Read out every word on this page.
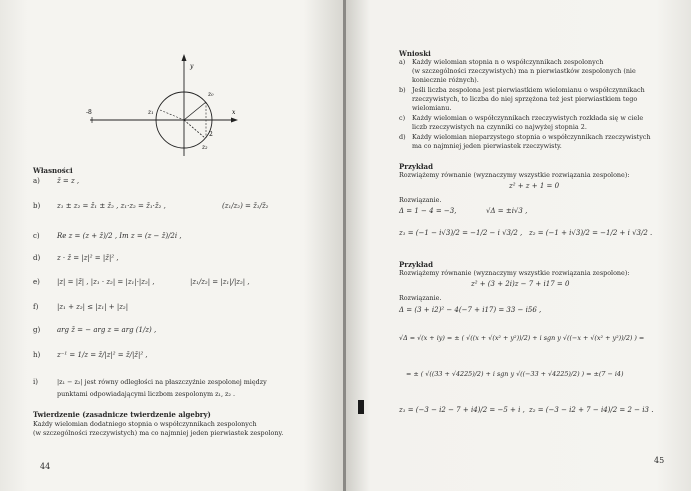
y
x
-8	z₁
z₀
2
z₂
Własności
a) z̄ = z ,
b) z₁ ± z₂ = z̄₁ ± z̄₂ , z₁·z₂ = z̄₁·z̄₂ ,	(z₁/z₂) = z̄₁/z̄₂
c) Re z = (z + z̄)/2 , Im z = (z − z̄)/2i ,
d) z · z̄ = |z|² = |z̄|² ,
e) |z| = |z̄| , |z₁ · z₂| = |z₁|·|z₂| ,	|z₁/z₂| = |z₁|/|z₂| ,
f)	|z₁ + z₂| ≤ |z₁| + |z₂|
g) arg z̄ = − arg z = arg (1/z) ,
h) z⁻¹ = 1/z = z̄/|z|² = z̄/|z̄|² ,
i)	|z₁ − z₂| jest równy odległości na płaszczyźnie zespolonej między
punktami odpowiadającymi liczbom zespolonym z₁, z₂ .
Twierdzenie (zasadnicze twierdzenie algebry)
Każdy wielomian dodatniego stopnia o współczynnikach zespolonych
(w szczególności rzeczywistych) ma co najmniej jeden pierwiastek zespolony.
44
Wnioski
a) Każdy wielomian stopnia n o współczynnikach zespolonych
(w szczególności rzeczywistych) ma n pierwiastków zespolonych (nie
koniecznie różnych).
b) Jeśli liczba zespolona jest pierwiastkiem wielomianu o współczynnikach
rzeczywistych, to liczba do niej sprzężona też jest pierwiastkiem tego
wielomianu.
c) Każdy wielomian o współczynnikach rzeczywistych rozkłada się w ciele
liczb rzeczywistych na czynniki co najwyżej stopnia 2.
d) Każdy wielomian nieparzystego stopnia o współczynnikach rzeczywistych
ma co najmniej jeden pierwiastek rzeczywisty.
Przykład
Rozwiążemy równanie (wyznaczymy wszystkie rozwiązania zespolone):
z² + z + 1 = 0
Rozwiązanie.
Δ = 1 − 4 = −3,	√Δ = ±i√3 ,
z₁ = (−1 − i√3)/2 = −1/2 − i √3/2 , z₂ = (−1 + i√3)/2 = −1/2 + i √3/2 .
Przykład
Rozwiążemy równanie (wyznaczymy wszystkie rozwiązania zespolone):
z² + (3 + 2i)z − 7 + i17 = 0
Rozwiązanie.
Δ = (3 + i2)² − 4(−7 + i17) = 33 − i56 ,
√Δ = √(x + iy) = ± ( √((x + √(x² + y²))/2) + i sgn y √((−x + √(x² + y²))/2) ) =
= ± ( √((33 + √4225)/2) + i sgn y √((−33 + √4225)/2) ) = ±(7 − i4)
z₁ = (−3 − i2 − 7 + i4)/2 = −5 + i , z₂ = (−3 − i2 + 7 − i4)/2 = 2 − i3 .
45
